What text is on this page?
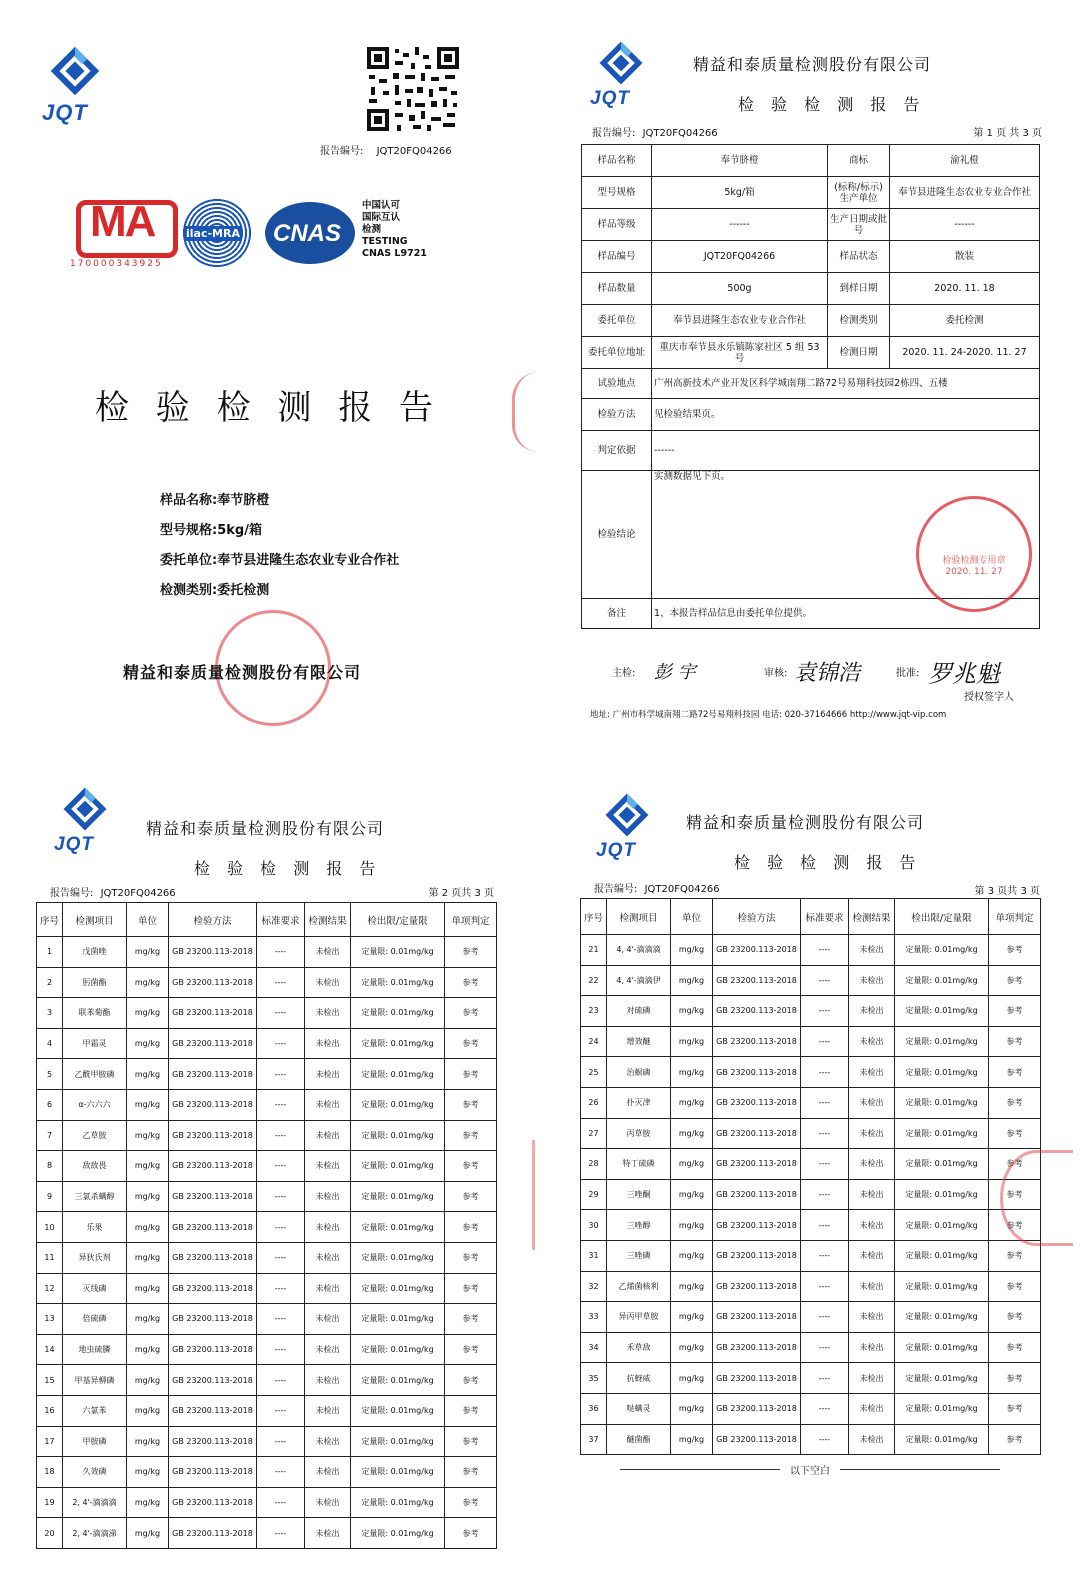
JQT
报告编号: JQT20FQ04266
MA
170000343925
ilac-MRA CNAS
中国认可
国际互认
检测
TESTING
CNAS L9721
检 验 检 测 报 告
样品名称:奉节脐橙
型号规格:5kg/箱
委托单位:奉节县进隆生态农业专业合作社
检测类别:委托检测
精益和泰质量检测股份有限公司
JQT
精益和泰质量检测股份有限公司
检 验 检 测 报 告
报告编号: JQT20FQ04266	第 1 页 共 3 页
样品名称	奉节脐橙	商标	渝礼橙
型号规格	5kg/箱	(标称/标示)生产单位	奉节县进隆生态农业专业合作社
样品等级	------	生产日期或批号	------
样品编号	JQT20FQ04266	样品状态	散装
样品数量	500g	到样日期	2020. 11. 18
委托单位	奉节县进隆生态农业专业合作社	检测类别	委托检测
委托单位地址	重庆市奉节县永乐镇陈家社区 5 组 53 号	检测日期	2020. 11. 24-2020. 11. 27
试验地点	广州高新技术产业开发区科学城南翔二路72号易翔科技园2栋四、五楼		
检验方法	见检验结果页。		
判定依据	------		
检验结论	实测数据见下页。		
备注	1、本报告样品信息由委托单位提供。		
检验检测专用章
2020. 11. 27
主检: 彭 宇	审核: 袁锦浩	批准: 罗兆魁
授权签字人
地址: 广州市科学城南翔二路72号易翔科技园 电话: 020-37164666 http://www.jqt-vip.com
JQT
精益和泰质量检测股份有限公司
检 验 检 测 报 告
报告编号: JQT20FQ04266	第 2 页共 3 页
序号	检测项目	单位	检验方法	标准要求	检测结果	检出限/定量限	单项判定
1	戊菌唑	mg/kg	GB 23200.113-2018	----	未检出	定量限: 0.01mg/kg	参考
2	肟菌酯	mg/kg	GB 23200.113-2018	----	未检出	定量限: 0.01mg/kg	参考
3	联苯菊酯	mg/kg	GB 23200.113-2018	----	未检出	定量限: 0.01mg/kg	参考
4	甲霜灵	mg/kg	GB 23200.113-2018	----	未检出	定量限: 0.01mg/kg	参考
5	乙酰甲胺磷	mg/kg	GB 23200.113-2018	----	未检出	定量限: 0.01mg/kg	参考
6	α-六六六	mg/kg	GB 23200.113-2018	----	未检出	定量限: 0.01mg/kg	参考
7	乙草胺	mg/kg	GB 23200.113-2018	----	未检出	定量限: 0.01mg/kg	参考
8	敌敌畏	mg/kg	GB 23200.113-2018	----	未检出	定量限: 0.01mg/kg	参考
9	三氯杀螨醇	mg/kg	GB 23200.113-2018	----	未检出	定量限: 0.01mg/kg	参考
10	乐果	mg/kg	GB 23200.113-2018	----	未检出	定量限: 0.01mg/kg	参考
11	异狄氏剂	mg/kg	GB 23200.113-2018	----	未检出	定量限: 0.01mg/kg	参考
12	灭线磷	mg/kg	GB 23200.113-2018	----	未检出	定量限: 0.01mg/kg	参考
13	倍硫磷	mg/kg	GB 23200.113-2018	----	未检出	定量限: 0.01mg/kg	参考
14	地虫硫膦	mg/kg	GB 23200.113-2018	----	未检出	定量限: 0.01mg/kg	参考
15	甲基异柳磷	mg/kg	GB 23200.113-2018	----	未检出	定量限: 0.01mg/kg	参考
16	六氯苯	mg/kg	GB 23200.113-2018	----	未检出	定量限: 0.01mg/kg	参考
17	甲胺磷	mg/kg	GB 23200.113-2018	----	未检出	定量限: 0.01mg/kg	参考
18	久效磷	mg/kg	GB 23200.113-2018	----	未检出	定量限: 0.01mg/kg	参考
19	2, 4'-滴滴滴	mg/kg	GB 23200.113-2018	----	未检出	定量限: 0.01mg/kg	参考
20	2, 4'-滴滴涕	mg/kg	GB 23200.113-2018	----	未检出	定量限: 0.01mg/kg	参考
JQT
精益和泰质量检测股份有限公司
检 验 检 测 报 告
报告编号: JQT20FQ04266	第 3 页共 3 页
序号	检测项目	单位	检验方法	标准要求	检测结果	检出限/定量限	单项判定
21	4, 4'-滴滴滴	mg/kg	GB 23200.113-2018	----	未检出	定量限: 0.01mg/kg	参考
22	4, 4'-滴滴伊	mg/kg	GB 23200.113-2018	----	未检出	定量限: 0.01mg/kg	参考
23	对硫磷	mg/kg	GB 23200.113-2018	----	未检出	定量限: 0.01mg/kg	参考
24	增效醚	mg/kg	GB 23200.113-2018	----	未检出	定量限: 0.01mg/kg	参考
25	治螟磷	mg/kg	GB 23200.113-2018	----	未检出	定量限: 0.01mg/kg	参考
26	扑灭津	mg/kg	GB 23200.113-2018	----	未检出	定量限: 0.01mg/kg	参考
27	丙草胺	mg/kg	GB 23200.113-2018	----	未检出	定量限: 0.01mg/kg	参考
28	特丁硫磷	mg/kg	GB 23200.113-2018	----	未检出	定量限: 0.01mg/kg	参考
29	三唑酮	mg/kg	GB 23200.113-2018	----	未检出	定量限: 0.01mg/kg	参考
30	三唑醇	mg/kg	GB 23200.113-2018	----	未检出	定量限: 0.01mg/kg	参考
31	三唑磷	mg/kg	GB 23200.113-2018	----	未检出	定量限: 0.01mg/kg	参考
32	乙烯菌核利	mg/kg	GB 23200.113-2018	----	未检出	定量限: 0.01mg/kg	参考
33	异丙甲草胺	mg/kg	GB 23200.113-2018	----	未检出	定量限: 0.01mg/kg	参考
34	禾草敌	mg/kg	GB 23200.113-2018	----	未检出	定量限: 0.01mg/kg	参考
35	抗蚜威	mg/kg	GB 23200.113-2018	----	未检出	定量限: 0.01mg/kg	参考
36	哒螨灵	mg/kg	GB 23200.113-2018	----	未检出	定量限: 0.01mg/kg	参考
37	醚菌酯	mg/kg	GB 23200.113-2018	----	未检出	定量限: 0.01mg/kg	参考
以下空白
